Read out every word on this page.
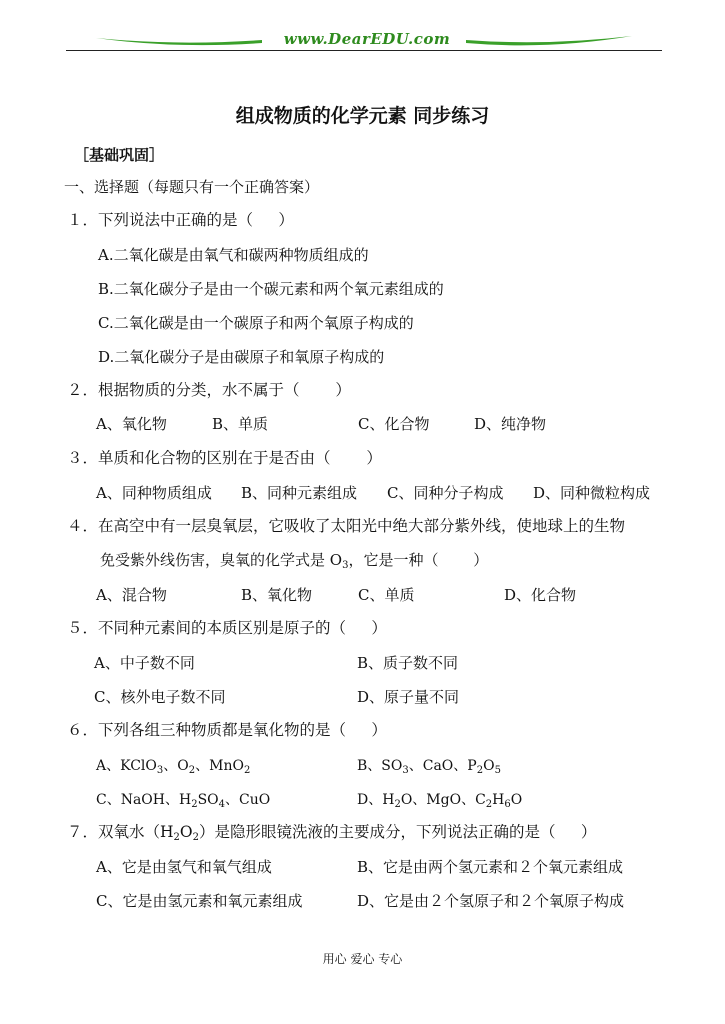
www.DearEDU.com
组成物质的化学元素 同步练习
［基础巩固］
一、选择题（每题只有一个正确答案）
１．下列说法中正确的是（ 　 ）
A.二氧化碳是由氧气和碳两种物质组成的
B.二氧化碳分子是由一个碳元素和两个氧元素组成的
C.二氧化碳是由一个碳原子和两个氧原子构成的
D.二氧化碳分子是由碳原子和氧原子构成的
２．根据物质的分类，水不属于（ 　　）
A、氧化物	B、单质	C、化合物	D、纯净物
３．单质和化合物的区别在于是否由（ 　　）
A、同种物质组成 B、同种元素组成 C、同种分子构成 D、同种微粒构成
４．在高空中有一层臭氧层，它吸收了太阳光中绝大部分紫外线，使地球上的生物
免受紫外线伤害，臭氧的化学式是 $O_3$，它是一种（ 　　）
A、混合物	B、氧化物	C、单质	D、化合物
５．不同种元素间的本质区别是原子的（ 　 ）
A、中子数不同	B、质子数不同
C、核外电子数不同	D、原子量不同
６．下列各组三种物质都是氧化物的是（ 　 ）
A、KClO$_3$、$O_2$、MnO$_2$	B、$SO_3$、CaO、$P_2O_5$
C、NaOH、$H_2SO_4$、CuO	D、$H_2O$、MgO、$C_2H_6O$
７．双氧水$(H_2O_2)$是隐形眼镜洗液的主要成分，下列说法正确的是（ 　 ）
A、它是由氢气和氧气组成	B、它是由两个氢元素和２个氧元素组成
C、它是由氢元素和氧元素组成	D、它是由２个氢原子和２个氧原子构成
用心 爱心 专心
